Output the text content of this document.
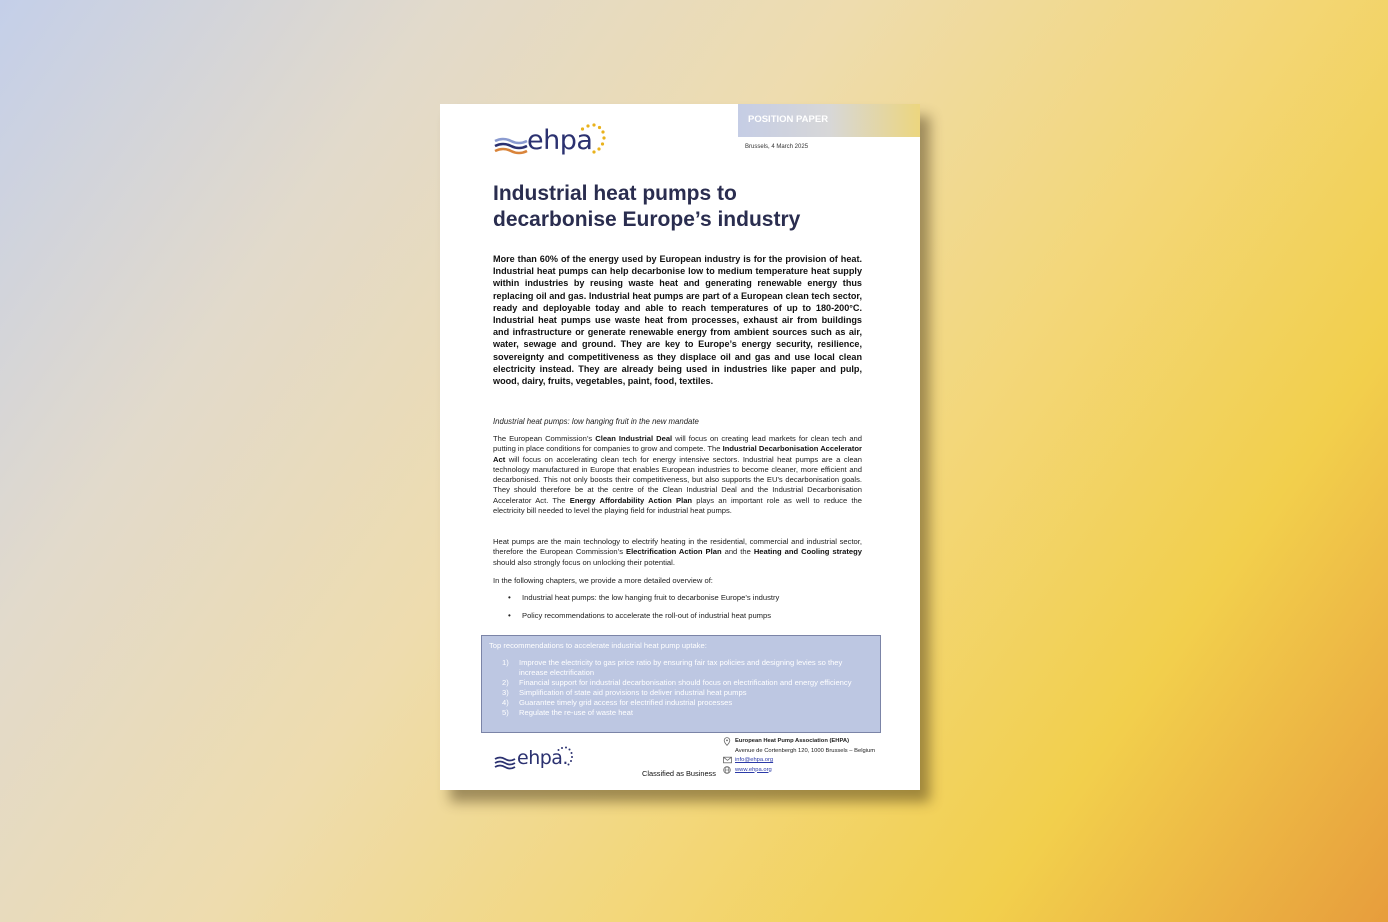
POSITION PAPER
Brussels, 4 March 2025
ehpa
Industrial heat pumps to
decarbonise Europe’s industry

More than 60% of the energy used by European industry is for the provision of heat. Industrial heat pumps can help decarbonise low to medium temperature heat supply within industries by reusing waste heat and generating renewable energy thus replacing oil and gas. Industrial heat pumps are part of a European clean tech sector, ready and deployable today and able to reach temperatures of up to 180-200°C. Industrial heat pumps use waste heat from processes, exhaust air from buildings and infrastructure or generate renewable energy from ambient sources such as air, water, sewage and ground. They are key to Europe’s energy security, resilience, sovereignty and competitiveness as they displace oil and gas and use local clean electricity instead. They are already being used in industries like paper and pulp, wood, dairy, fruits, vegetables, paint, food, textiles.

Industrial heat pumps: low hanging fruit in the new mandate

The European Commission’s Clean Industrial Deal will focus on creating lead markets for clean tech and putting in place conditions for companies to grow and compete. The Industrial Decarbonisation Accelerator Act will focus on accelerating clean tech for energy intensive sectors. Industrial heat pumps are a clean technology manufactured in Europe that enables European industries to become cleaner, more efficient and decarbonised. This not only boosts their competitiveness, but also supports the EU's decarbonisation goals. They should therefore be at the centre of the Clean Industrial Deal and the Industrial Decarbonisation Accelerator Act. The Energy Affordability Action Plan plays an important role as well to reduce the electricity bill needed to level the playing field for industrial heat pumps.

Heat pumps are the main technology to electrify heating in the residential, commercial and industrial sector, therefore the European Commission’s Electrification Action Plan and the Heating and Cooling strategy should also strongly focus on unlocking their potential.

In the following chapters, we provide a more detailed overview of:

• Industrial heat pumps: the low hanging fruit to decarbonise Europe’s industry
• Policy recommendations to accelerate the roll-out of industrial heat pumps
Top recommendations to accelerate industrial heat pump uptake:
1) Improve the electricity to gas price ratio by ensuring fair tax policies and designing levies so they increase electrification
2) Financial support for industrial decarbonisation should focus on electrification and energy efficiency
3) Simplification of state aid provisions to deliver industrial heat pumps
4) Guarantee timely grid access for electrified industrial processes
5) Regulate the re-use of waste heat
ehpa.
European Heat Pump Association (EHPA)
Avenue de Cortenbergh 120, 1000 Brussels – Belgium
info@ehpa.org
www.ehpa.org
Classified as Business
